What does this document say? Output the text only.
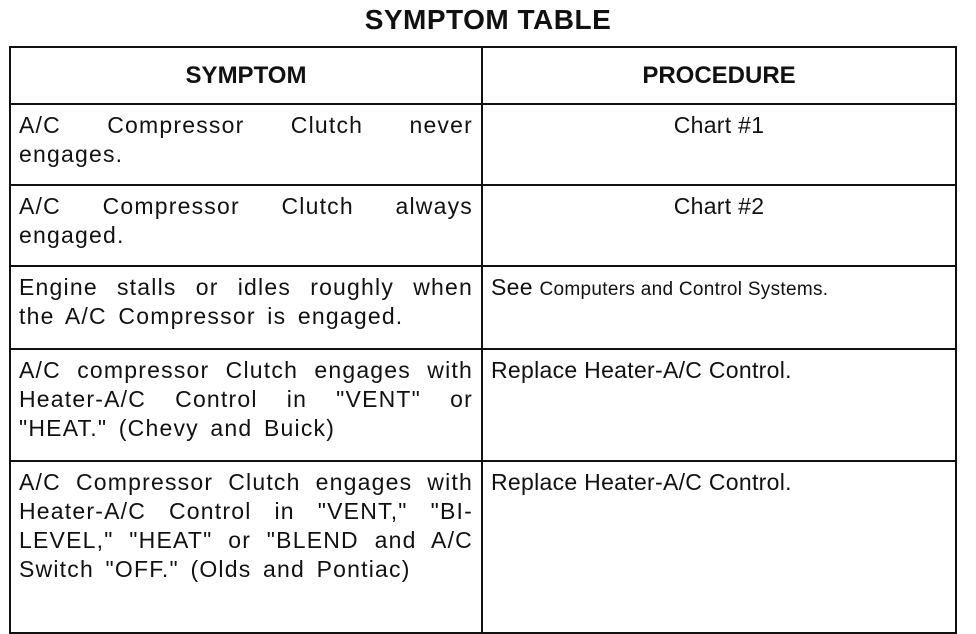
SYMPTOM TABLE
SYMPTOM	PROCEDURE
A/C Compressor Clutch never engages.	Chart #1
A/C Compressor Clutch always engaged.	Chart #2
Engine stalls or idles roughly when the A/C Compressor is engaged.	See Computers and Control Systems.
A/C compressor Clutch engages with Heater-A/C Control in "VENT" or "HEAT." (Chevy and Buick)	Replace Heater-A/C Control.
A/C Compressor Clutch engages with Heater-A/C Control in "VENT," "BI-LEVEL," "HEAT" or "BLEND and A/C Switch "OFF." (Olds and Pontiac)	Replace Heater-A/C Control.
